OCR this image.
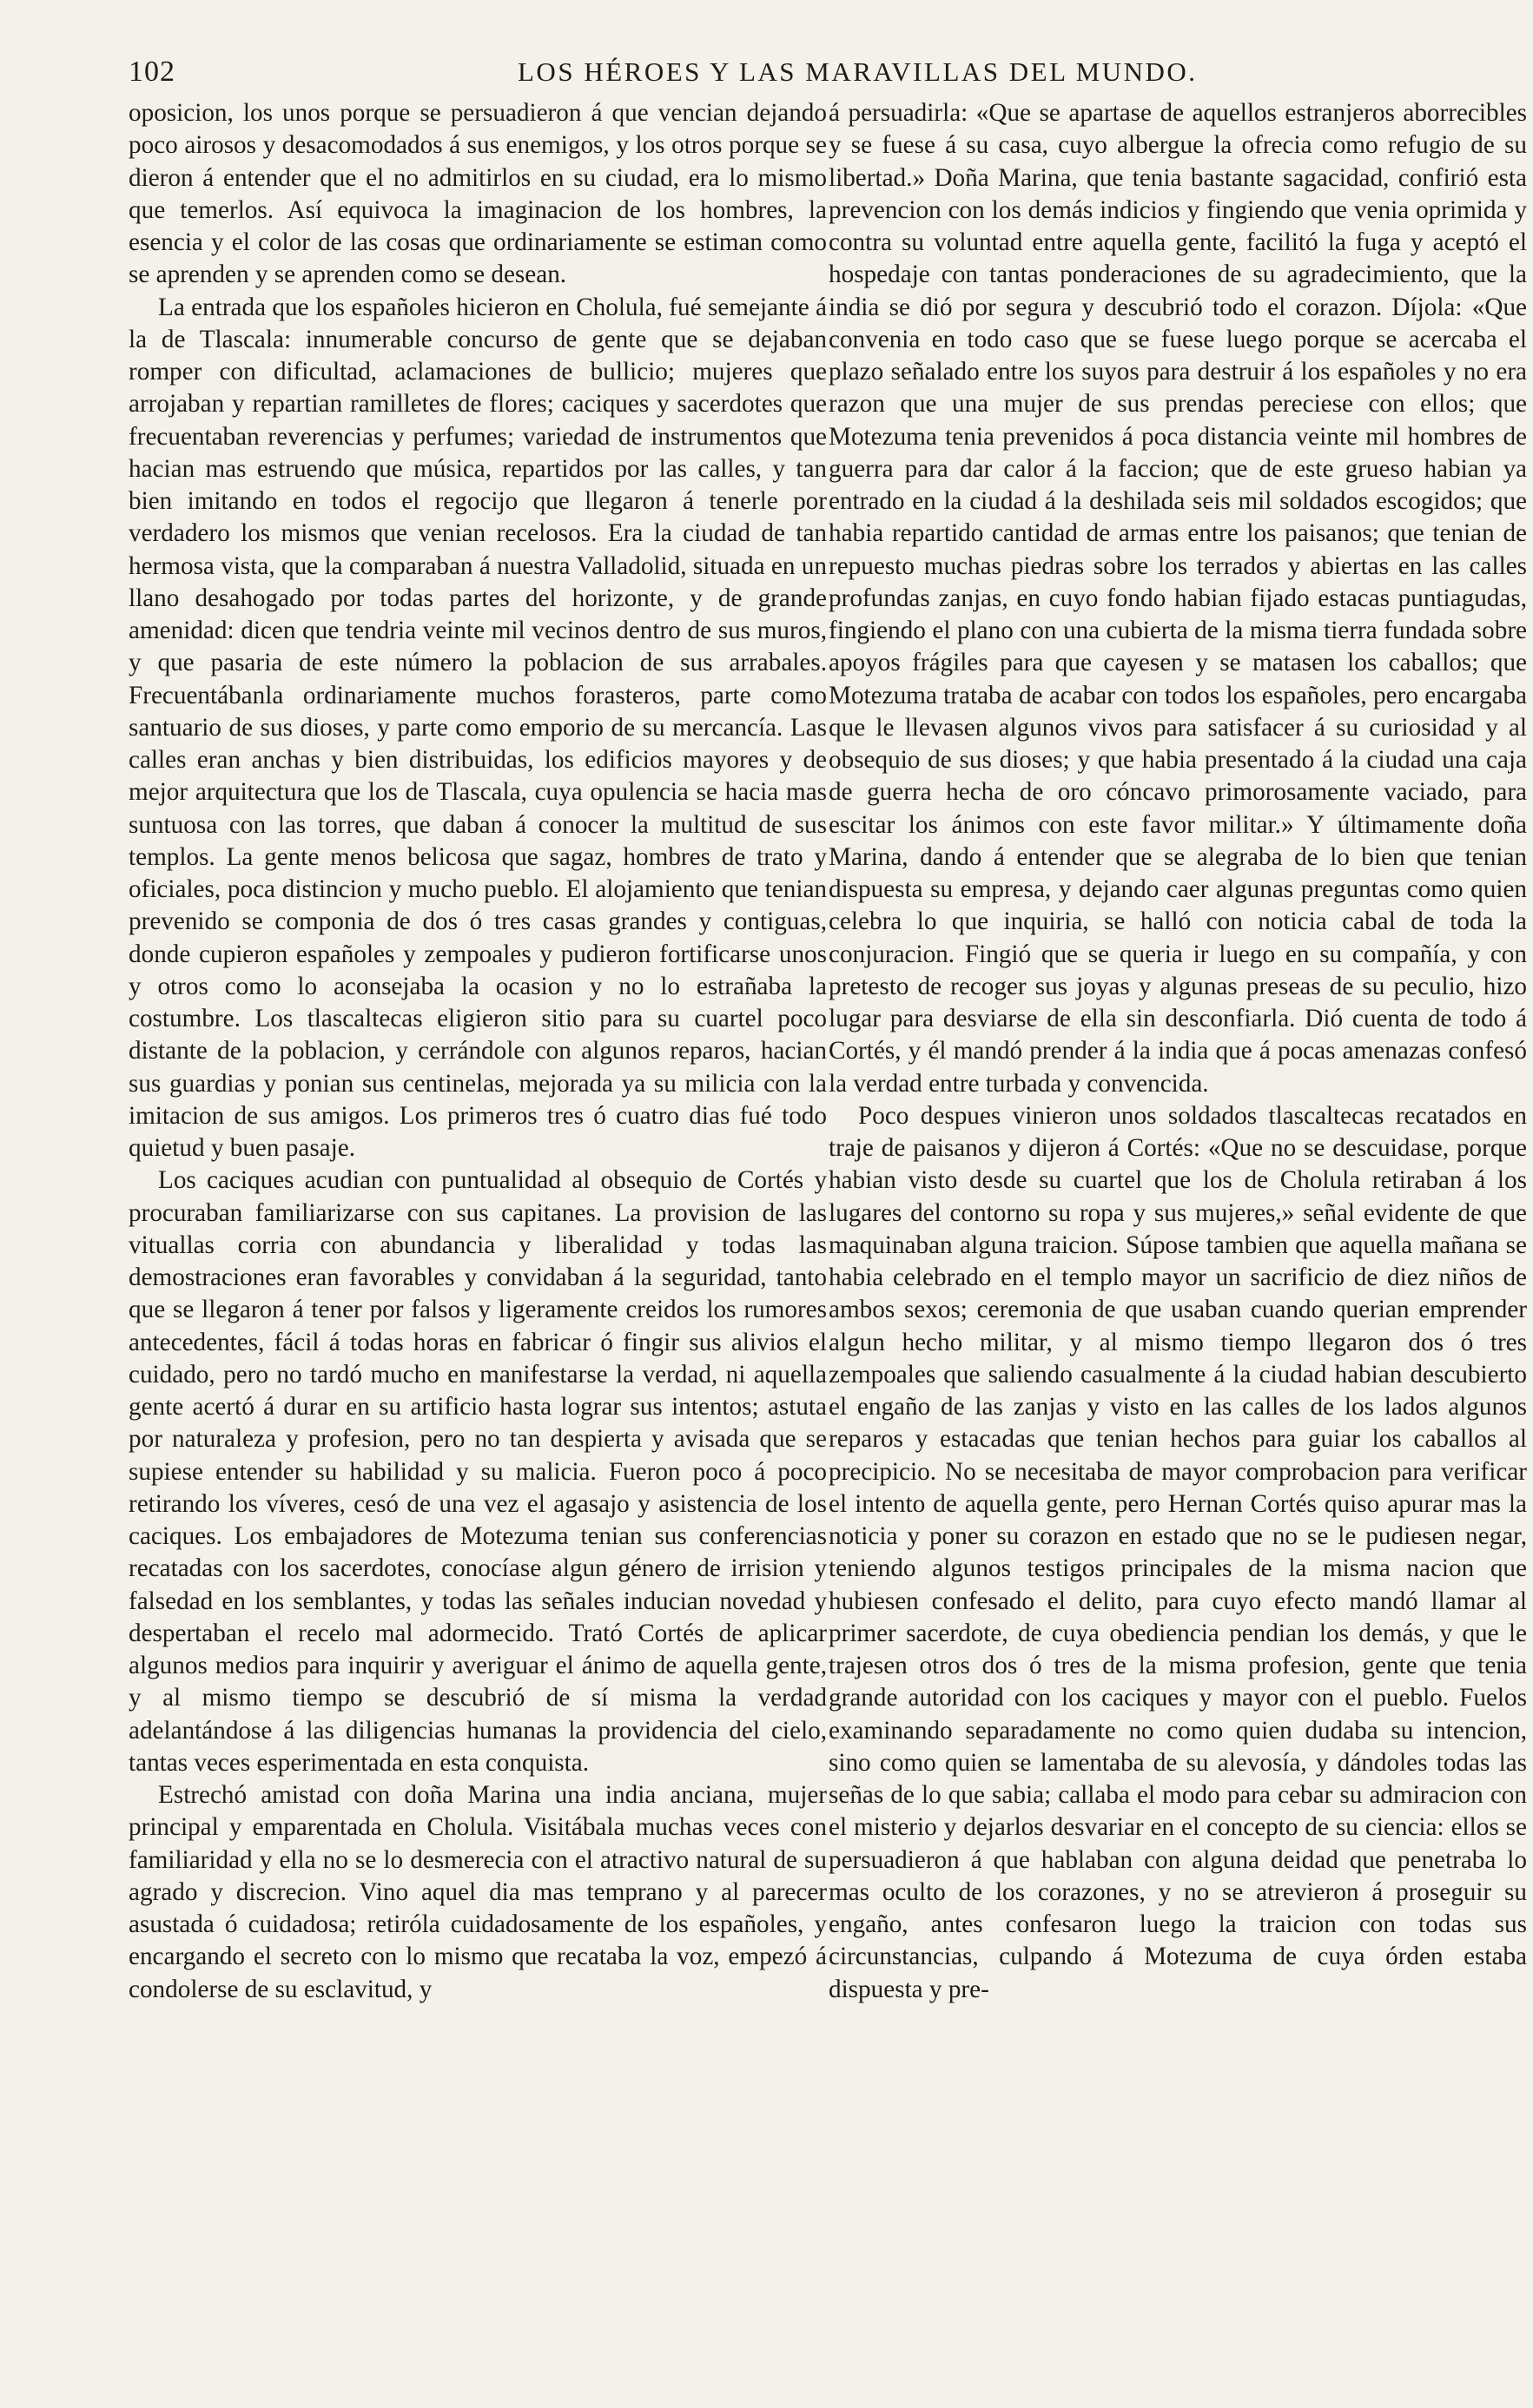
102	LOS HÉROES Y LAS MARAVILLAS DEL MUNDO.

oposicion, los unos porque se persuadieron á que vencian dejando poco airosos y desacomodados á sus enemigos, y los otros porque se dieron á entender que el no admitirlos en su ciudad, era lo mismo que temerlos. Así equivoca la imaginacion de los hombres, la esencia y el color de las cosas que ordinariamente se estiman como se aprenden y se aprenden como se desean.

La entrada que los españoles hicieron en Cholula, fué semejante á la de Tlascala: innumerable concurso de gente que se dejaban romper con dificultad, aclamaciones de bullicio; mujeres que arrojaban y repartian ramilletes de flores; caciques y sacerdotes que frecuentaban reverencias y perfumes; variedad de instrumentos que hacian mas estruendo que música, repartidos por las calles, y tan bien imitando en todos el regocijo que llegaron á tenerle por verdadero los mismos que venian recelosos. Era la ciudad de tan hermosa vista, que la comparaban á nuestra Valladolid, situada en un llano desahogado por todas partes del horizonte, y de grande amenidad: dicen que tendria veinte mil vecinos dentro de sus muros, y que pasaria de este número la poblacion de sus arrabales. Frecuentábanla ordinariamente muchos forasteros, parte como santuario de sus dioses, y parte como emporio de su mercancía. Las calles eran anchas y bien distribuidas, los edificios mayores y de mejor arquitectura que los de Tlascala, cuya opulencia se hacia mas suntuosa con las torres, que daban á conocer la multitud de sus templos. La gente menos belicosa que sagaz, hombres de trato y oficiales, poca distincion y mucho pueblo. El alojamiento que tenian prevenido se componia de dos ó tres casas grandes y contiguas, donde cupieron españoles y zempoales y pudieron fortificarse unos y otros como lo aconsejaba la ocasion y no lo estrañaba la costumbre. Los tlascaltecas eligieron sitio para su cuartel poco distante de la poblacion, y cerrándole con algunos reparos, hacian sus guardias y ponian sus centinelas, mejorada ya su milicia con la imitacion de sus amigos. Los primeros tres ó cuatro dias fué todo quietud y buen pasaje.

Los caciques acudian con puntualidad al obsequio de Cortés y procuraban familiarizarse con sus capitanes. La provision de las vituallas corria con abundancia y liberalidad y todas las demostraciones eran favorables y convidaban á la seguridad, tanto que se llegaron á tener por falsos y ligeramente creidos los rumores antecedentes, fácil á todas horas en fabricar ó fingir sus alivios el cuidado, pero no tardó mucho en manifestarse la verdad, ni aquella gente acertó á durar en su artificio hasta lograr sus intentos; astuta por naturaleza y profesion, pero no tan despierta y avisada que se supiese entender su habilidad y su malicia. Fueron poco á poco retirando los víveres, cesó de una vez el agasajo y asistencia de los caciques. Los embajadores de Motezuma tenian sus conferencias recatadas con los sacerdotes, conocíase algun género de irrision y falsedad en los semblantes, y todas las señales inducian novedad y despertaban el recelo mal adormecido. Trató Cortés de aplicar algunos medios para inquirir y averiguar el ánimo de aquella gente, y al mismo tiempo se descubrió de sí misma la verdad adelantándose á las diligencias humanas la providencia del cielo, tantas veces esperimentada en esta conquista.

Estrechó amistad con doña Marina una india anciana, mujer principal y emparentada en Cholula. Visitábala muchas veces con familiaridad y ella no se lo desmerecia con el atractivo natural de su agrado y discrecion. Vino aquel dia mas temprano y al parecer asustada ó cuidadosa; retiróla cuidadosamente de los españoles, y encargando el secreto con lo mismo que recataba la voz, empezó á condolerse de su esclavitud, y

á persuadirla: «Que se apartase de aquellos estranjeros aborrecibles y se fuese á su casa, cuyo albergue la ofrecia como refugio de su libertad.» Doña Marina, que tenia bastante sagacidad, confirió esta prevencion con los demás indicios y fingiendo que venia oprimida y contra su voluntad entre aquella gente, facilitó la fuga y aceptó el hospedaje con tantas ponderaciones de su agradecimiento, que la india se dió por segura y descubrió todo el corazon. Díjola: «Que convenia en todo caso que se fuese luego porque se acercaba el plazo señalado entre los suyos para destruir á los españoles y no era razon que una mujer de sus prendas pereciese con ellos; que Motezuma tenia prevenidos á poca distancia veinte mil hombres de guerra para dar calor á la faccion; que de este grueso habian ya entrado en la ciudad á la deshilada seis mil soldados escogidos; que habia repartido cantidad de armas entre los paisanos; que tenian de repuesto muchas piedras sobre los terrados y abiertas en las calles profundas zanjas, en cuyo fondo habian fijado estacas puntiagudas, fingiendo el plano con una cubierta de la misma tierra fundada sobre apoyos frágiles para que cayesen y se matasen los caballos; que Motezuma trataba de acabar con todos los españoles, pero encargaba que le llevasen algunos vivos para satisfacer á su curiosidad y al obsequio de sus dioses; y que habia presentado á la ciudad una caja de guerra hecha de oro cóncavo primorosamente vaciado, para escitar los ánimos con este favor militar.» Y últimamente doña Marina, dando á entender que se alegraba de lo bien que tenian dispuesta su empresa, y dejando caer algunas preguntas como quien celebra lo que inquiria, se halló con noticia cabal de toda la conjuracion. Fingió que se queria ir luego en su compañía, y con pretesto de recoger sus joyas y algunas preseas de su peculio, hizo lugar para desviarse de ella sin desconfiarla. Dió cuenta de todo á Cortés, y él mandó prender á la india que á pocas amenazas confesó la verdad entre turbada y convencida.

Poco despues vinieron unos soldados tlascaltecas recatados en traje de paisanos y dijeron á Cortés: «Que no se descuidase, porque habian visto desde su cuartel que los de Cholula retiraban á los lugares del contorno su ropa y sus mujeres,» señal evidente de que maquinaban alguna traicion. Súpose tambien que aquella mañana se habia celebrado en el templo mayor un sacrificio de diez niños de ambos sexos; ceremonia de que usaban cuando querian emprender algun hecho militar, y al mismo tiempo llegaron dos ó tres zempoales que saliendo casualmente á la ciudad habian descubierto el engaño de las zanjas y visto en las calles de los lados algunos reparos y estacadas que tenian hechos para guiar los caballos al precipicio. No se necesitaba de mayor comprobacion para verificar el intento de aquella gente, pero Hernan Cortés quiso apurar mas la noticia y poner su corazon en estado que no se le pudiesen negar, teniendo algunos testigos principales de la misma nacion que hubiesen confesado el delito, para cuyo efecto mandó llamar al primer sacerdote, de cuya obediencia pendian los demás, y que le trajesen otros dos ó tres de la misma profesion, gente que tenia grande autoridad con los caciques y mayor con el pueblo. Fuelos examinando separadamente no como quien dudaba su intencion, sino como quien se lamentaba de su alevosía, y dándoles todas las señas de lo que sabia; callaba el modo para cebar su admiracion con el misterio y dejarlos desvariar en el concepto de su ciencia: ellos se persuadieron á que hablaban con alguna deidad que penetraba lo mas oculto de los corazones, y no se atrevieron á proseguir su engaño, antes confesaron luego la traicion con todas sus circunstancias, culpando á Motezuma de cuya órden estaba dispuesta y pre-
